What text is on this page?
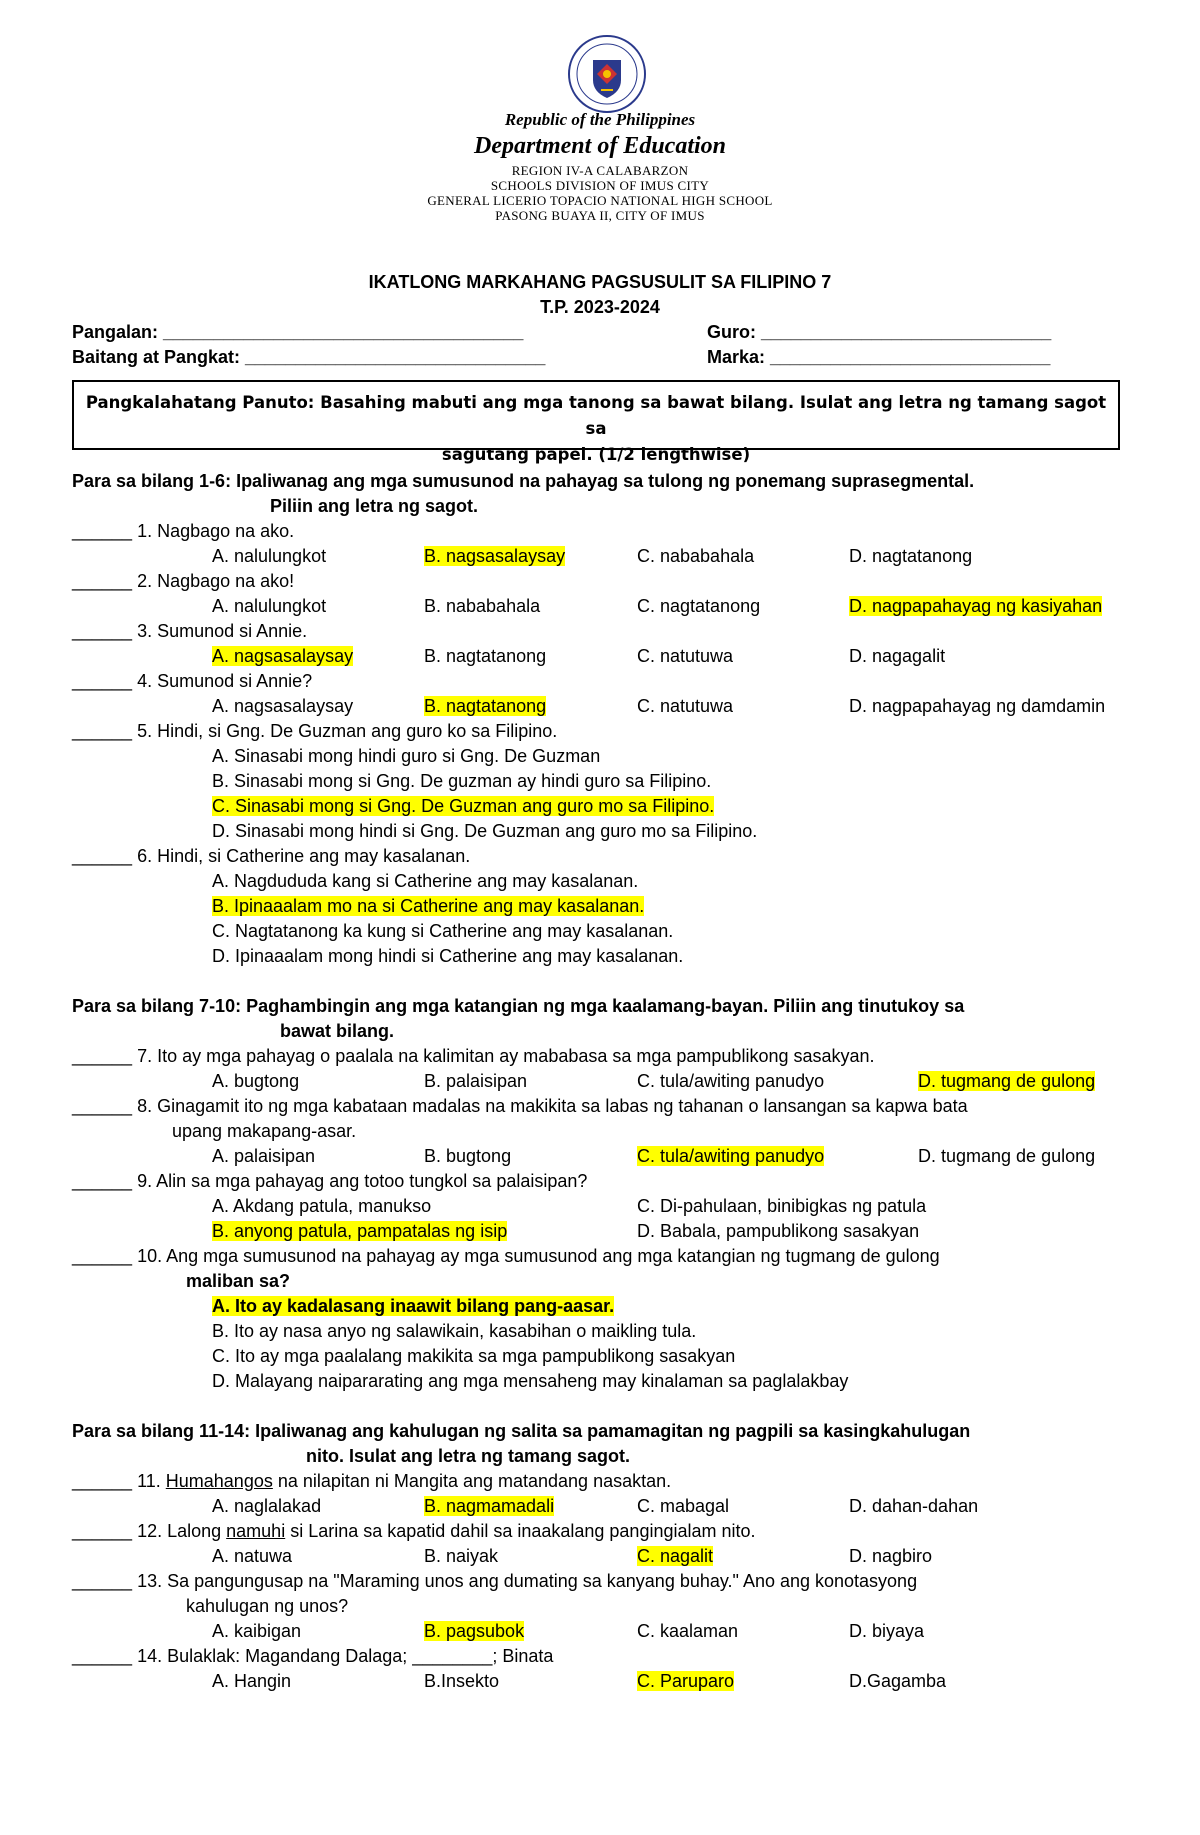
Republic of the Philippines
Department of Education
REGION IV-A CALABARZON
SCHOOLS DIVISION OF IMUS CITY
GENERAL LICERIO TOPACIO NATIONAL HIGH SCHOOL
PASONG BUAYA II, CITY OF IMUS
IKATLONG MARKAHANG PAGSUSULIT SA FILIPINO 7
T.P. 2023-2024
Pangalan: ____________________________________	Guro: _____________________________
Baitang at Pangkat: ______________________________	Marka: ____________________________
Pangkalahatang Panuto: Basahing mabuti ang mga tanong sa bawat bilang. Isulat ang letra ng tamang sagot sa
sagutang papel. (1/2 lengthwise)
Para sa bilang 1-6: Ipaliwanag ang mga sumusunod na pahayag sa tulong ng ponemang suprasegmental.
Piliin ang letra ng sagot.
______ 1. Nagbago na ako.
A. nalulungkot	B. nagsasalaysay	C. nababahala	D. nagtatanong
______ 2. Nagbago na ako!
A. nalulungkot	B. nababahala	C. nagtatanong	D. nagpapahayag ng kasiyahan
______ 3. Sumunod si Annie.
A. nagsasalaysay	B. nagtatanong	C. natutuwa	D. nagagalit
______ 4. Sumunod si Annie?
A. nagsasalaysay	B. nagtatanong	C. natutuwa	D. nagpapahayag ng damdamin
______ 5. Hindi, si Gng. De Guzman ang guro ko sa Filipino.
A. Sinasabi mong hindi guro si Gng. De Guzman
B. Sinasabi mong si Gng. De guzman ay hindi guro sa Filipino.
C. Sinasabi mong si Gng. De Guzman ang guro mo sa Filipino.
D. Sinasabi mong hindi si Gng. De Guzman ang guro mo sa Filipino.
______ 6. Hindi, si Catherine ang may kasalanan.
A. Nagdududa kang si Catherine ang may kasalanan.
B. Ipinaaalam mo na si Catherine ang may kasalanan.
C. Nagtatanong ka kung si Catherine ang may kasalanan.
D. Ipinaaalam mong hindi si Catherine ang may kasalanan.
Para sa bilang 7-10: Paghambingin ang mga katangian ng mga kaalamang-bayan. Piliin ang tinutukoy sa
bawat bilang.
______ 7. Ito ay mga pahayag o paalala na kalimitan ay mababasa sa mga pampublikong sasakyan.
A. bugtong	B. palaisipan	C. tula/awiting panudyo	D. tugmang de gulong
______ 8. Ginagamit ito ng mga kabataan madalas na makikita sa labas ng tahanan o lansangan sa kapwa bata
upang makapang-asar.
A. palaisipan	B. bugtong	C. tula/awiting panudyo	D. tugmang de gulong
______ 9. Alin sa mga pahayag ang totoo tungkol sa palaisipan?
A. Akdang patula, manukso	C. Di-pahulaan, binibigkas ng patula
B. anyong patula, pampatalas ng isip	D. Babala, pampublikong sasakyan
______ 10. Ang mga sumusunod na pahayag ay mga sumusunod ang mga katangian ng tugmang de gulong
maliban sa?
A. Ito ay kadalasang inaawit bilang pang-aasar.
B. Ito ay nasa anyo ng salawikain, kasabihan o maikling tula.
C. Ito ay mga paalalang makikita sa mga pampublikong sasakyan
D. Malayang naipararating ang mga mensaheng may kinalaman sa paglalakbay
Para sa bilang 11-14: Ipaliwanag ang kahulugan ng salita sa pamamagitan ng pagpili sa kasingkahulugan
nito. Isulat ang letra ng tamang sagot.
______ 11. Humahangos na nilapitan ni Mangita ang matandang nasaktan.
A. naglalakad	B. nagmamadali	C. mabagal	D. dahan-dahan
______ 12. Lalong namuhi si Larina sa kapatid dahil sa inaakalang pangingialam nito.
A. natuwa	B. naiyak	C. nagalit	D. nagbiro
______ 13. Sa pangungusap na "Maraming unos ang dumating sa kanyang buhay." Ano ang konotasyong
kahulugan ng unos?
A. kaibigan	B. pagsubok	C. kaalaman	D. biyaya
______ 14. Bulaklak: Magandang Dalaga; ________; Binata
A. Hangin	B.Insekto	C. Paruparo	D.Gagamba
